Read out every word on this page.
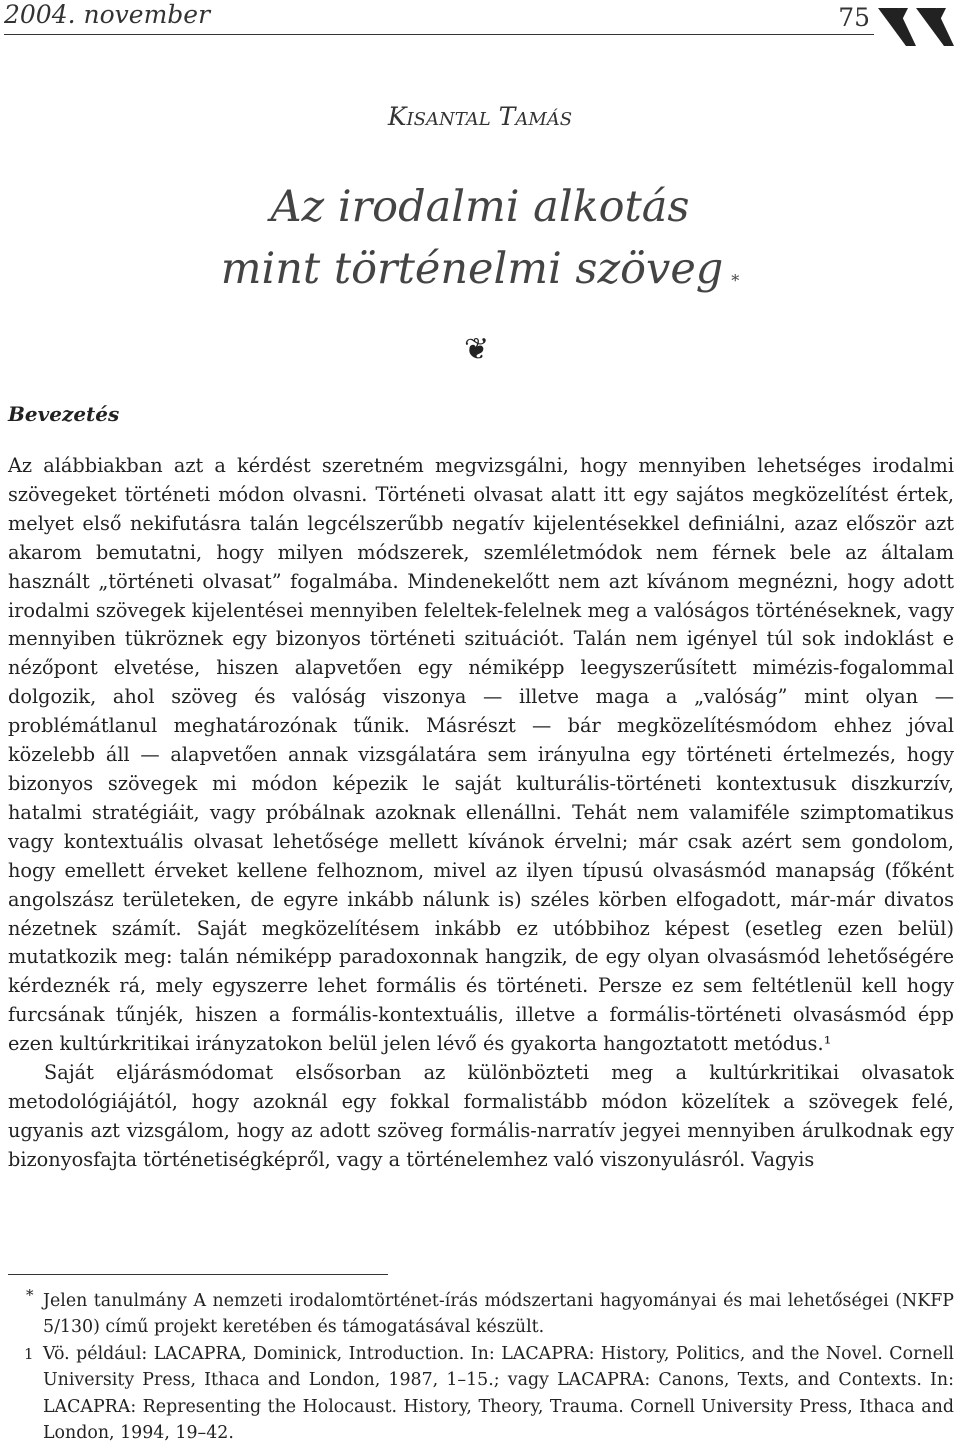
2004. november	75
Kisantal Tamás
Az irodalmi alkotás
mint történelmi szöveg *
❦
Bevezetés

Az alábbiakban azt a kérdést szeretném megvizsgálni, hogy mennyiben lehetséges irodalmi szövegeket történeti módon olvasni. Történeti olvasat alatt itt egy sajátos megközelítést értek, melyet első nekifutásra talán legcélszerűbb negatív kijelentésekkel definiálni, azaz először azt akarom bemutatni, hogy milyen módszerek, szemléletmódok nem férnek bele az általam használt „történeti olvasat” fogalmába. Mindenekelőtt nem azt kívánom megnézni, hogy adott irodalmi szövegek kijelentései mennyiben feleltek-felelnek meg a valóságos történéseknek, vagy mennyiben tükröznek egy bizonyos történeti szituációt. Talán nem igényel túl sok indoklást e nézőpont elvetése, hiszen alapvetően egy némiképp leegyszerűsített mimézis-fogalommal dolgozik, ahol szöveg és valóság viszonya — illetve maga a „valóság” mint olyan — problémátlanul meghatározónak tűnik. Másrészt — bár megközelítésmódom ehhez jóval közelebb áll — alapvetően annak vizsgálatára sem irányulna egy történeti értelmezés, hogy bizonyos szövegek mi módon képezik le saját kulturális-történeti kontextusuk diszkurzív, hatalmi stratégiáit, vagy próbálnak azoknak ellenállni. Tehát nem valamiféle szimptomatikus vagy kontextuális olvasat lehetősége mellett kívánok érvelni; már csak azért sem gondolom, hogy emellett érveket kellene felhoznom, mivel az ilyen típusú olvasásmód manapság (főként angolszász területeken, de egyre inkább nálunk is) széles körben elfogadott, már-már divatos nézetnek számít. Saját megközelítésem inkább ez utóbbihoz képest (esetleg ezen belül) mutatkozik meg: talán némiképp paradoxonnak hangzik, de egy olyan olvasásmód lehetőségére kérdeznék rá, mely egyszerre lehet formális és történeti. Persze ez sem feltétlenül kell hogy furcsának tűnjék, hiszen a formális-kontextuális, illetve a formális-történeti olvasásmód épp ezen kultúrkritikai irányzatokon belül jelen lévő és gyakorta hangoztatott metódus.¹

Saját eljárásmódomat elsősorban az különbözteti meg a kultúrkritikai olvasatok metodológiájától, hogy azoknál egy fokkal formalistább módon közelítek a szövegek felé, ugyanis azt vizsgálom, hogy az adott szöveg formális-narratív jegyei mennyiben árulkodnak egy bizonyosfajta történetiségképről, vagy a történelemhez való viszonyulásról. Vagyis

* Jelen tanulmány A nemzeti irodalomtörténet-írás módszertani hagyományai és mai lehetőségei (NKFP 5/130) című projekt keretében és támogatásával készült.
1 Vö. például: LACAPRA, Dominick, Introduction. In: LACAPRA: History, Politics, and the Novel. Cornell University Press, Ithaca and London, 1987, 1–15.; vagy LACAPRA: Canons, Texts, and Contexts. In: LACAPRA: Representing the Holocaust. History, Theory, Trauma. Cornell University Press, Ithaca and London, 1994, 19–42.
